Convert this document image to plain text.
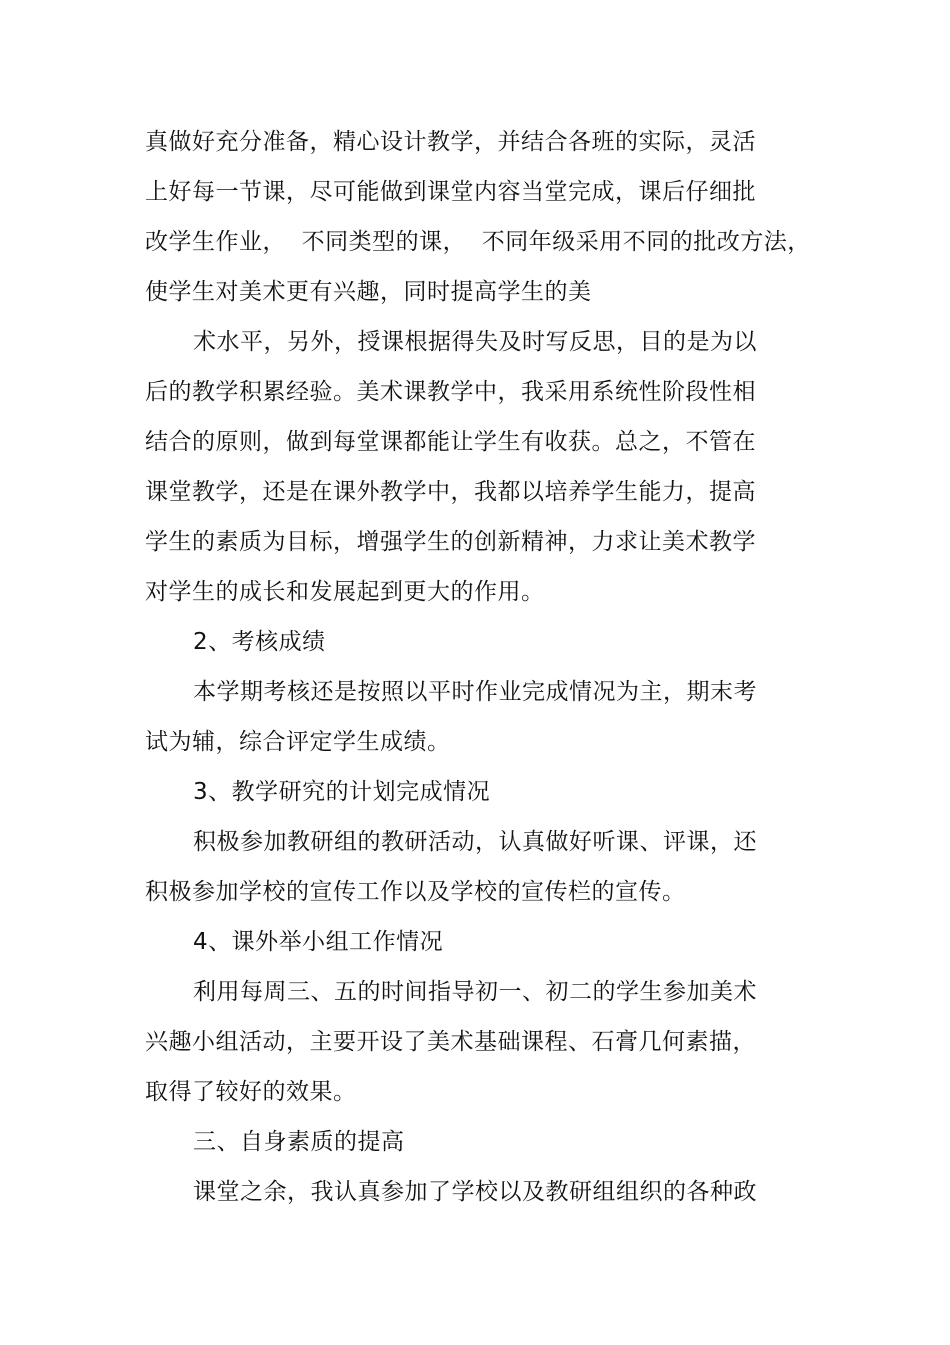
真做好充分准备，精心设计教学，并结合各班的实际，灵活
上好每一节课，尽可能做到课堂内容当堂完成，课后仔细批
改学生作业，  不同类型的课，  不同年级采用不同的批改方法，
使学生对美术更有兴趣，同时提高学生的美
术水平，另外，授课根据得失及时写反思，目的是为以
后的教学积累经验。美术课教学中，我采用系统性阶段性相
结合的原则，做到每堂课都能让学生有收获。总之，不管在
课堂教学，还是在课外教学中，我都以培养学生能力，提高
学生的素质为目标，增强学生的创新精神，力求让美术教学
对学生的成长和发展起到更大的作用。
2、考核成绩
本学期考核还是按照以平时作业完成情况为主，期末考
试为辅，综合评定学生成绩。
3、教学研究的计划完成情况
积极参加教研组的教研活动，认真做好听课、评课，还
积极参加学校的宣传工作以及学校的宣传栏的宣传。
4、课外举小组工作情况
利用每周三、五的时间指导初一、初二的学生参加美术
兴趣小组活动，主要开设了美术基础课程、石膏几何素描，
取得了较好的效果。
三、自身素质的提高
课堂之余，我认真参加了学校以及教研组组织的各种政
